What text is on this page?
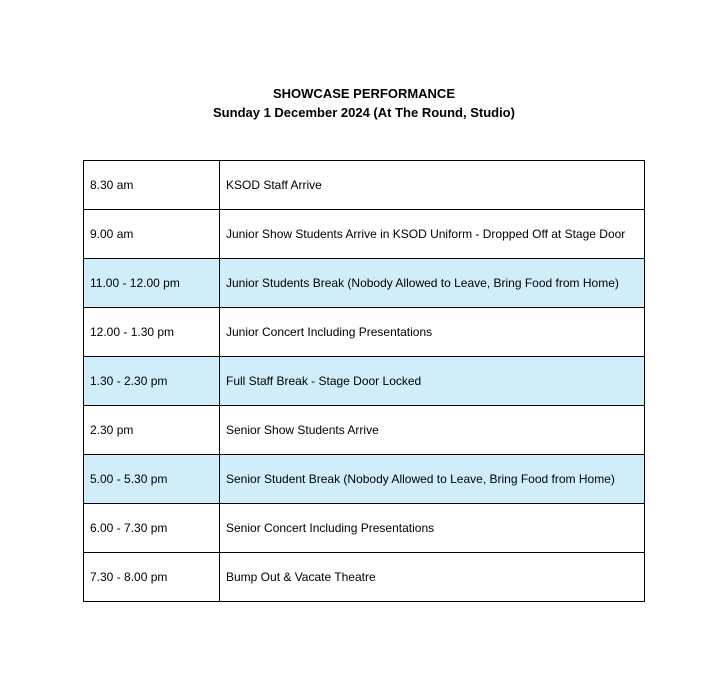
SHOWCASE PERFORMANCE
Sunday 1 December 2024 (At The Round, Studio)
8.30 am	KSOD Staff Arrive
9.00 am	Junior Show Students Arrive in KSOD Uniform - Dropped Off at Stage Door
11.00 - 12.00 pm	Junior Students Break (Nobody Allowed to Leave, Bring Food from Home)
12.00 - 1.30 pm	Junior Concert Including Presentations
1.30 - 2.30 pm	Full Staff Break - Stage Door Locked
2.30 pm	Senior Show Students Arrive
5.00 - 5.30 pm	Senior Student Break (Nobody Allowed to Leave, Bring Food from Home)
6.00 - 7.30 pm	Senior Concert Including Presentations
7.30 - 8.00 pm	Bump Out & Vacate Theatre
